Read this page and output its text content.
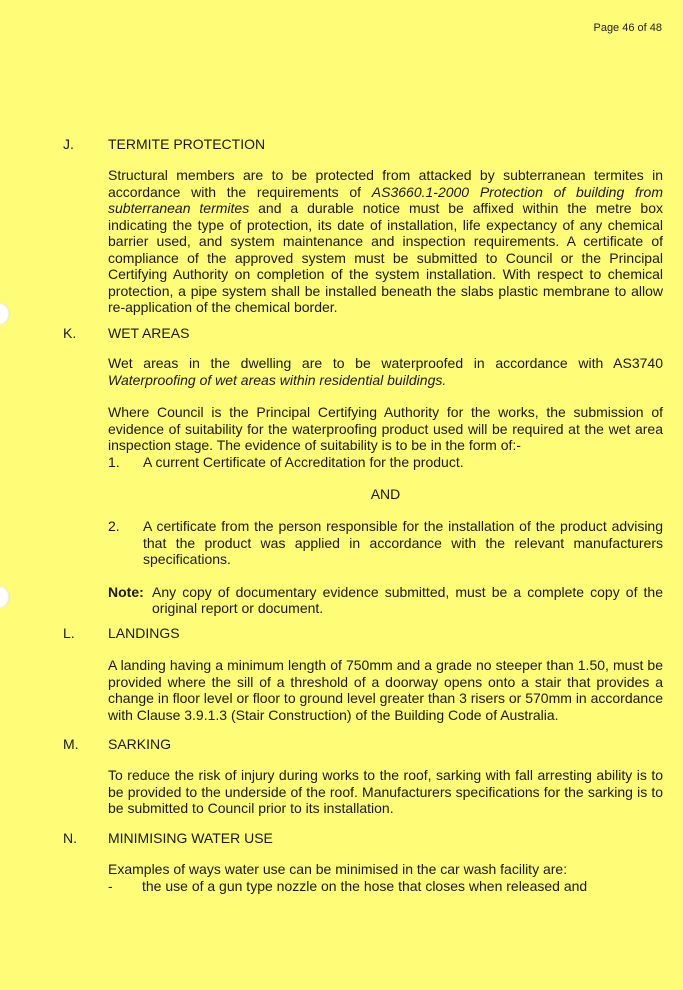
Page 46 of 48
J.	TERMITE PROTECTION
Structural members are to be protected from attacked by subterranean termites in accordance with the requirements of AS3660.1-2000 Protection of building from subterranean termites and a durable notice must be affixed within the metre box indicating the type of protection, its date of installation, life expectancy of any chemical barrier used, and system maintenance and inspection requirements. A certificate of compliance of the approved system must be submitted to Council or the Principal Certifying Authority on completion of the system installation. With respect to chemical protection, a pipe system shall be installed beneath the slabs plastic membrane to allow re-application of the chemical border.
K.	WET AREAS
Wet areas in the dwelling are to be waterproofed in accordance with AS3740 Waterproofing of wet areas within residential buildings.
Where Council is the Principal Certifying Authority for the works, the submission of evidence of suitability for the waterproofing product used will be required at the wet area inspection stage. The evidence of suitability is to be in the form of:-
1.	A current Certificate of Accreditation for the product.
AND
2.	A certificate from the person responsible for the installation of the product advising that the product was applied in accordance with the relevant manufacturers specifications.
Note: Any copy of documentary evidence submitted, must be a complete copy of the original report or document.
L.	LANDINGS
A landing having a minimum length of 750mm and a grade no steeper than 1.50, must be provided where the sill of a threshold of a doorway opens onto a stair that provides a change in floor level or floor to ground level greater than 3 risers or 570mm in accordance with Clause 3.9.1.3 (Stair Construction) of the Building Code of Australia.
M.	SARKING
To reduce the risk of injury during works to the roof, sarking with fall arresting ability is to be provided to the underside of the roof. Manufacturers specifications for the sarking is to be submitted to Council prior to its installation.
N.	MINIMISING WATER USE
Examples of ways water use can be minimised in the car wash facility are:
-	the use of a gun type nozzle on the hose that closes when released and
